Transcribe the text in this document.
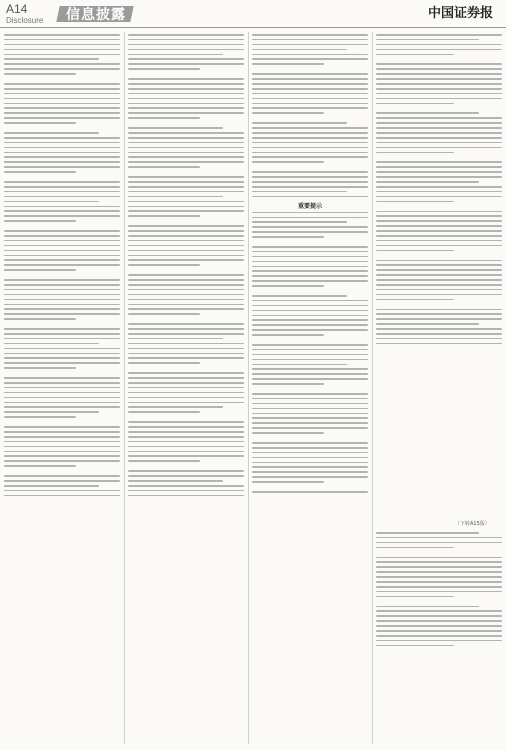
A14
Disclosure 信息披露	中国证券报
重要提示
（下转A15版）
